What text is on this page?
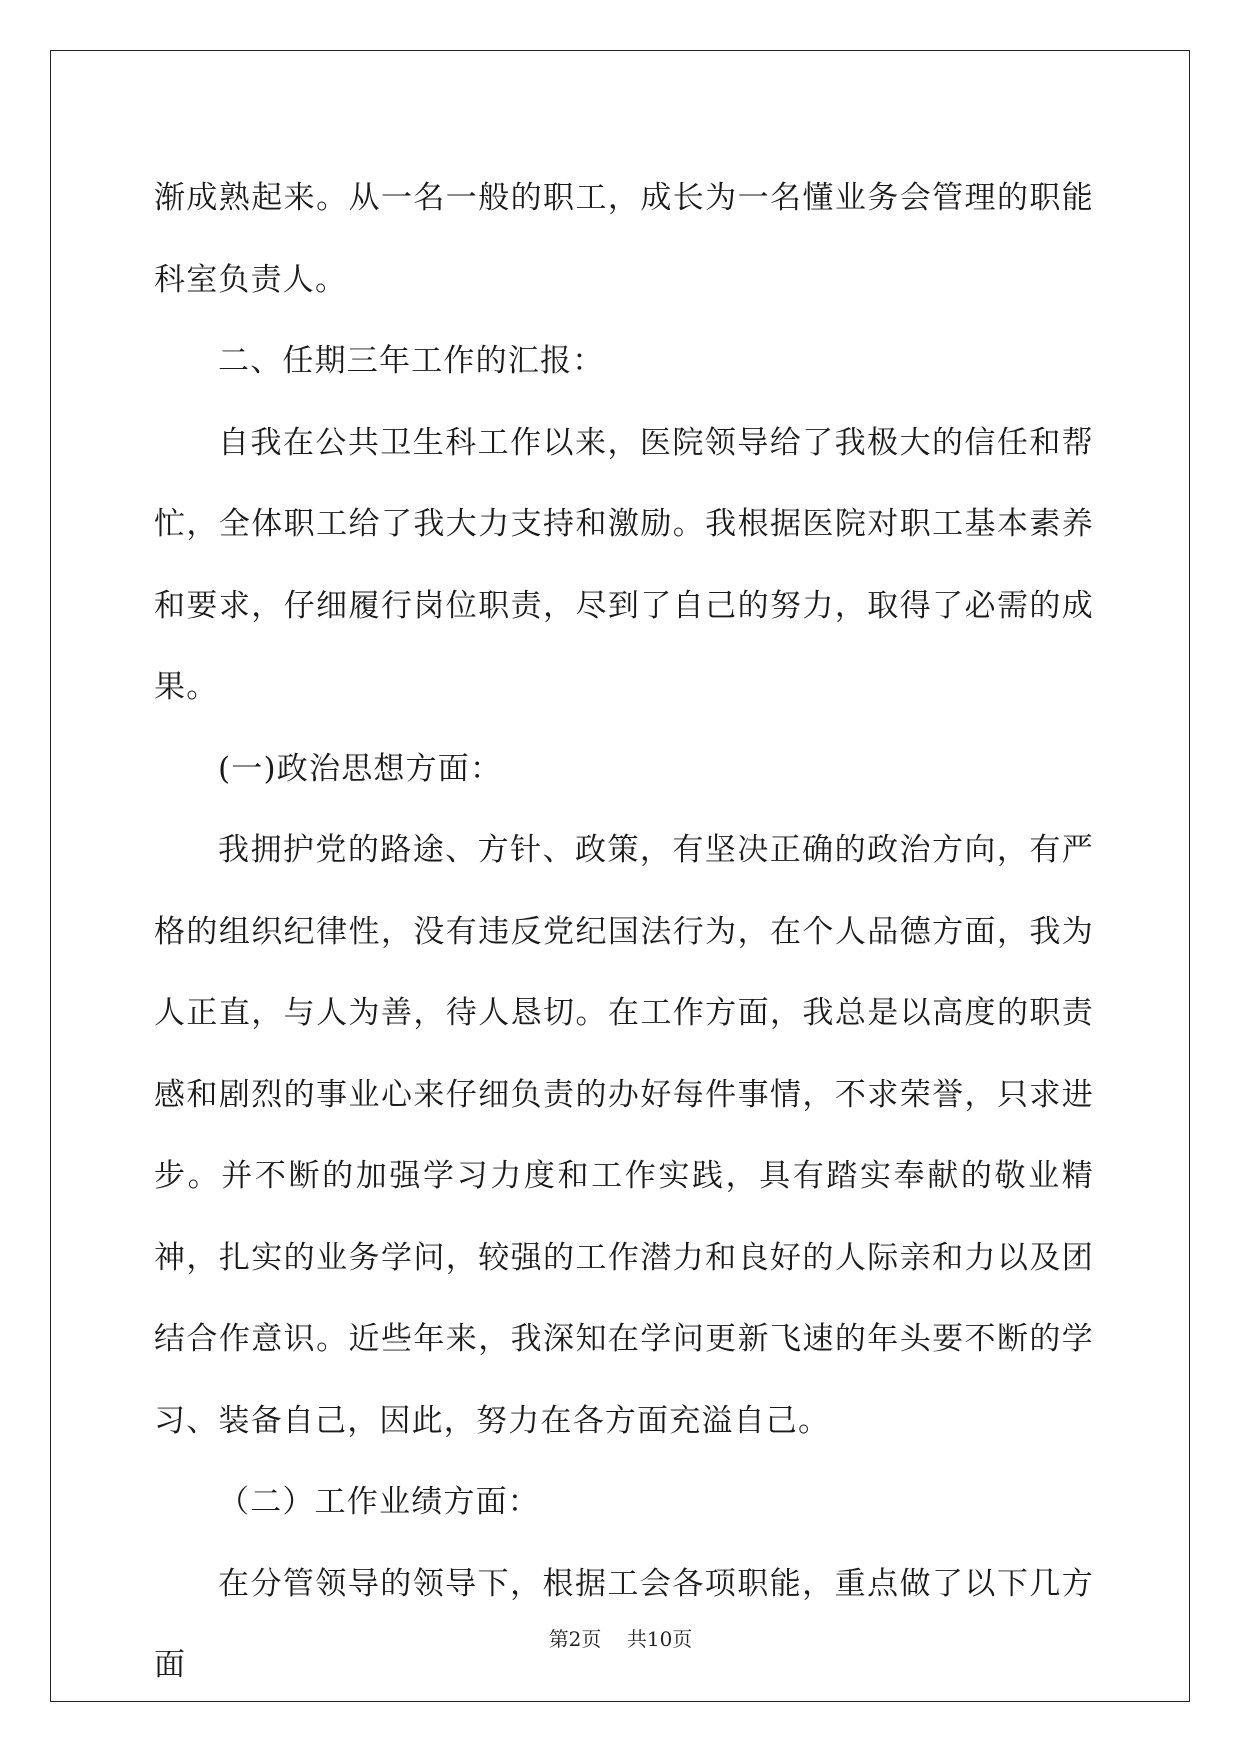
渐成熟起来。从一名一般的职工，成长为一名懂业务会管理的职能科室负责人。

二、任期三年工作的汇报：

自我在公共卫生科工作以来，医院领导给了我极大的信任和帮忙，全体职工给了我大力支持和激励。我根据医院对职工基本素养和要求，仔细履行岗位职责，尽到了自己的努力，取得了必需的成果。

(一)政治思想方面：

我拥护党的路途、方针、政策，有坚决正确的政治方向，有严格的组织纪律性，没有违反党纪国法行为，在个人品德方面，我为人正直，与人为善，待人恳切。在工作方面，我总是以高度的职责感和剧烈的事业心来仔细负责的办好每件事情，不求荣誉，只求进步。并不断的加强学习力度和工作实践，具有踏实奉献的敬业精神，扎实的业务学问，较强的工作潜力和良好的人际亲和力以及团结合作意识。近些年来，我深知在学问更新飞速的年头要不断的学习、装备自己，因此，努力在各方面充溢自己。

（二）工作业绩方面：

在分管领导的领导下，根据工会各项职能，重点做了以下几方面

第2页 共10页
